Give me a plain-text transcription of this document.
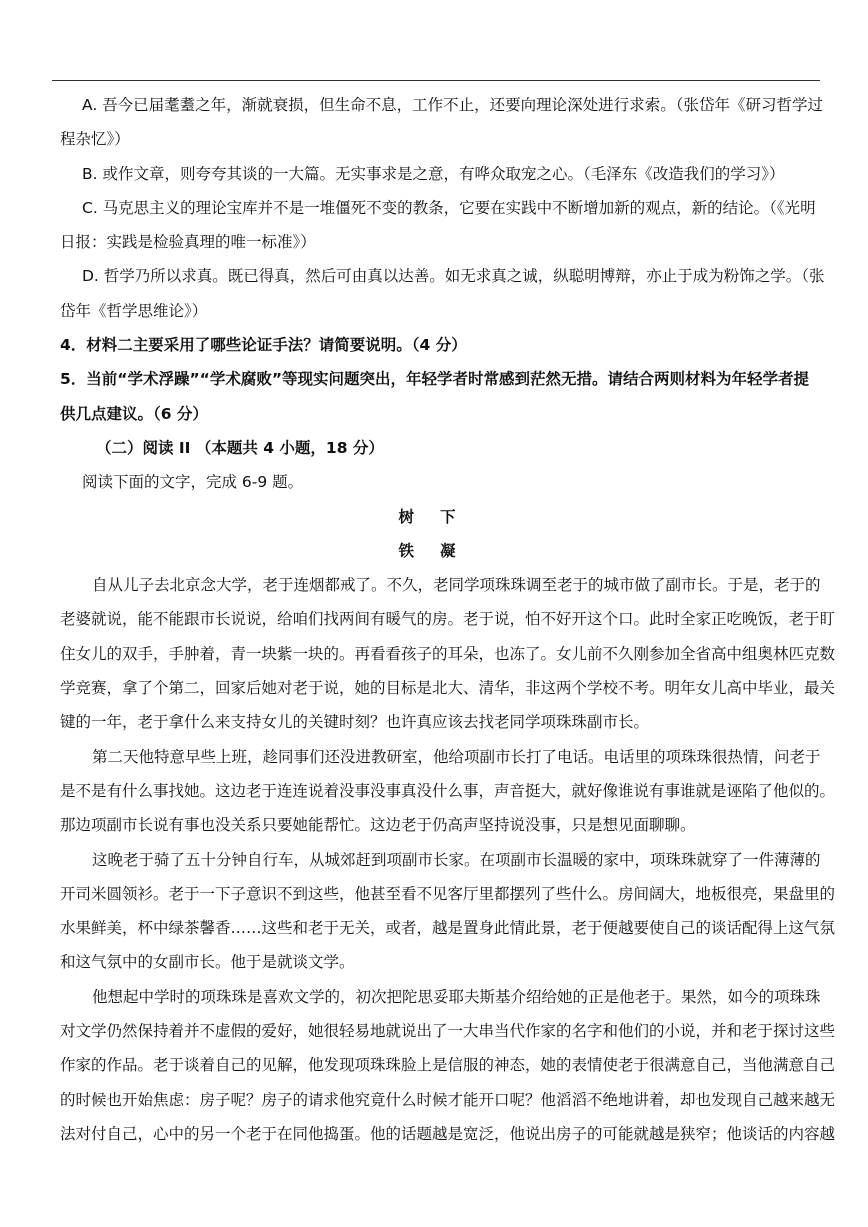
A. 吾今已届耄耋之年，渐就衰损，但生命不息，工作不止，还要向理论深处进行求索。（张岱年《研习哲学过
程杂忆》）
B. 或作文章，则夸夸其谈的一大篇。无实事求是之意，有哗众取宠之心。（毛泽东《改造我们的学习》）
C. 马克思主义的理论宝库并不是一堆僵死不变的教条，它要在实践中不断增加新的观点，新的结论。（《光明
日报：实践是检验真理的唯一标准》）
D. 哲学乃所以求真。既已得真，然后可由真以达善。如无求真之诚，纵聪明博辩，亦止于成为粉饰之学。（张
岱年《哲学思维论》）
4．材料二主要采用了哪些论证手法？请简要说明。（4 分）
5．当前“学术浮躁”“学术腐败”等现实问题突出，年轻学者时常感到茫然无措。请结合两则材料为年轻学者提
供几点建议。（6 分）
（二）阅读 II （本题共 4 小题，18 分）
阅读下面的文字，完成 6-9 题。
树下
铁凝
自从儿子去北京念大学，老于连烟都戒了。不久，老同学项珠珠调至老于的城市做了副市长。于是，老于的
老婆就说，能不能跟市长说说，给咱们找两间有暖气的房。老于说，怕不好开这个口。此时全家正吃晚饭，老于盯
住女儿的双手，手肿着，青一块紫一块的。再看看孩子的耳朵，也冻了。女儿前不久刚参加全省高中组奥林匹克数
学竞赛，拿了个第二，回家后她对老于说，她的目标是北大、清华，非这两个学校不考。明年女儿高中毕业，最关
键的一年，老于拿什么来支持女儿的关键时刻？也许真应该去找老同学项珠珠副市长。
第二天他特意早些上班，趁同事们还没进教研室，他给项副市长打了电话。电话里的项珠珠很热情，问老于
是不是有什么事找她。这边老于连连说着没事没事真没什么事，声音挺大，就好像谁说有事谁就是诬陷了他似的。
那边项副市长说有事也没关系只要她能帮忙。这边老于仍高声坚持说没事，只是想见面聊聊。
这晚老于骑了五十分钟自行车，从城郊赶到项副市长家。在项副市长温暖的家中，项珠珠就穿了一件薄薄的
开司米圆领衫。老于一下子意识不到这些，他甚至看不见客厅里都摆列了些什么。房间阔大，地板很亮，果盘里的
水果鲜美，杯中绿茶馨香……这些和老于无关，或者，越是置身此情此景，老于便越要使自己的谈话配得上这气氛
和这气氛中的女副市长。他于是就谈文学。
他想起中学时的项珠珠是喜欢文学的，初次把陀思妥耶夫斯基介绍给她的正是他老于。果然，如今的项珠珠
对文学仍然保持着并不虚假的爱好，她很轻易地就说出了一大串当代作家的名字和他们的小说，并和老于探讨这些
作家的作品。老于谈着自己的见解，他发现项珠珠脸上是信服的神态，她的表情使老于很满意自己，当他满意自己
的时候也开始焦虑：房子呢？房子的请求他究竟什么时候才能开口呢？他滔滔不绝地讲着，却也发现自己越来越无
法对付自己，心中的另一个老于在同他捣蛋。他的话题越是宽泛，他说出房子的可能就越是狭窄；他谈话的内容越
